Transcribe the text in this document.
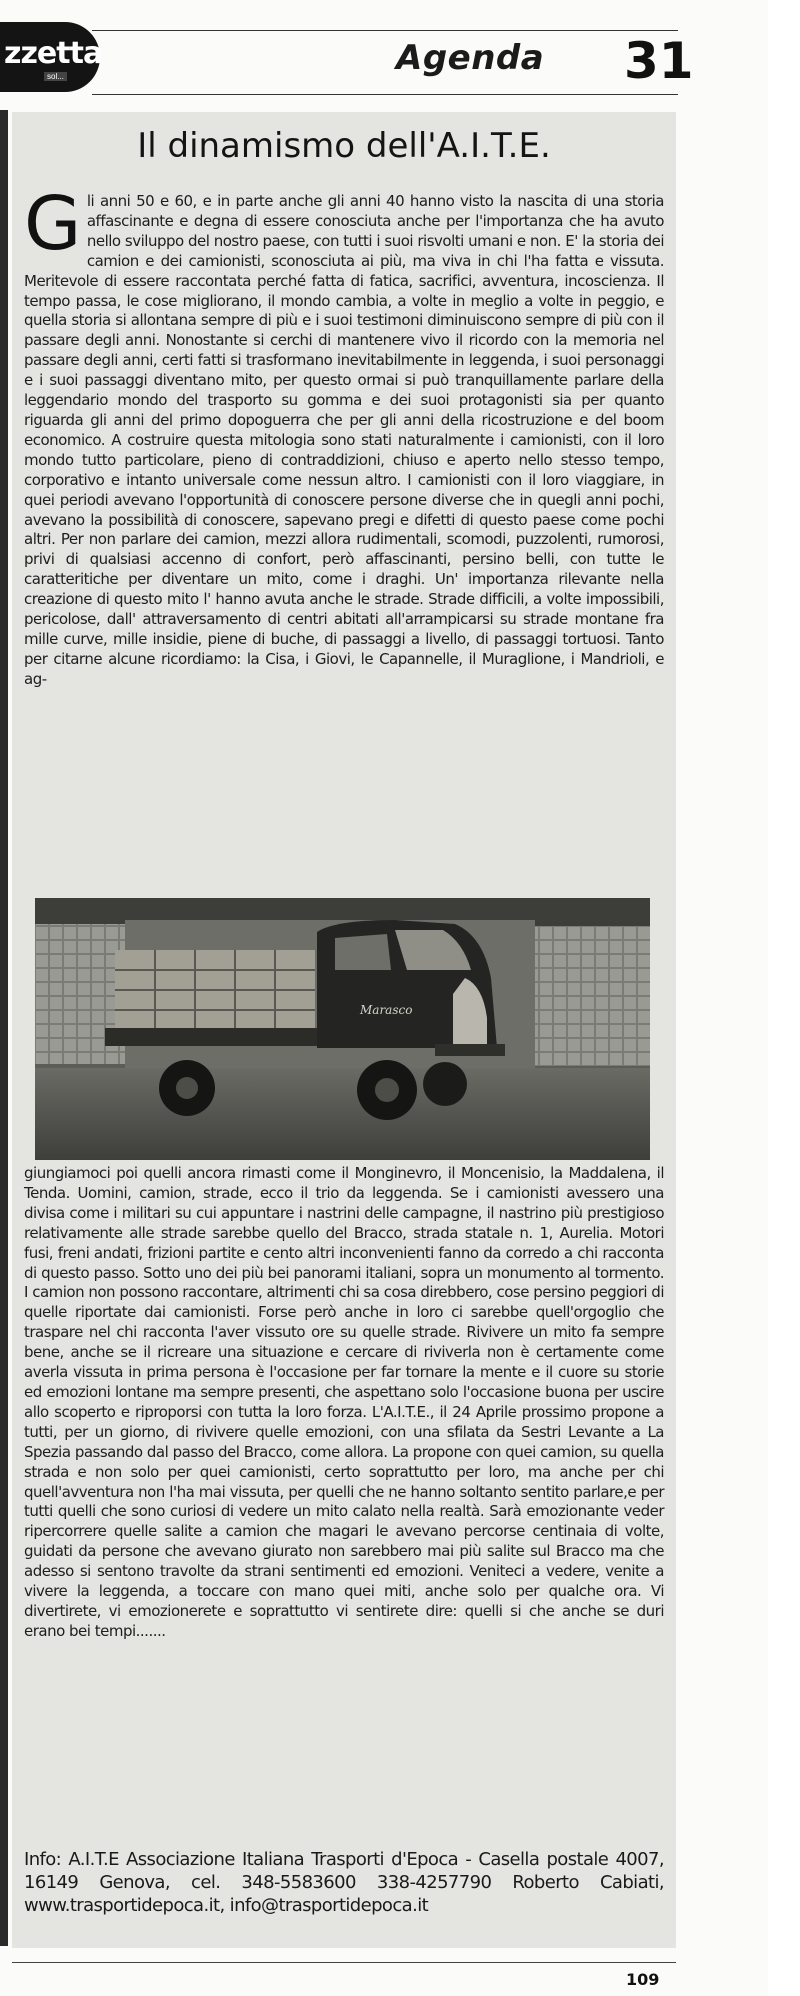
zzetta
sol...	Agenda 31
Il dinamismo dell'A.I.T.E.

Gli anni 50 e 60, e in parte anche gli anni 40 hanno visto la nascita di una storia affascinante e degna di essere conosciuta anche per l'importanza che ha avuto nello sviluppo del nostro paese, con tutti i suoi risvolti umani e non. E' la storia dei camion e dei camionisti, sconosciuta ai più, ma viva in chi l'ha fatta e vissuta. Meritevole di essere raccontata perché fatta di fatica, sacrifici, avventura, incoscienza. Il tempo passa, le cose migliorano, il mondo cambia, a volte in meglio a volte in peggio, e quella storia si allontana sempre di più e i suoi testimoni diminuiscono sempre di più con il passare degli anni. Nonostante si cerchi di mantenere vivo il ricordo con la memoria nel passare degli anni, certi fatti si trasformano inevitabilmente in leggenda, i suoi personaggi e i suoi passaggi diventano mito, per questo ormai si può tranquillamente parlare della leggendario mondo del trasporto su gomma e dei suoi protagonisti sia per quanto riguarda gli anni del primo dopoguerra che per gli anni della ricostruzione e del boom economico. A costruire questa mitologia sono stati naturalmente i camionisti, con il loro mondo tutto particolare, pieno di contraddizioni, chiuso e aperto nello stesso tempo, corporativo e intanto universale come nessun altro. I camionisti con il loro viaggiare, in quei periodi avevano l'opportunità di conoscere persone diverse che in quegli anni pochi, avevano la possibilità di conoscere, sapevano pregi e difetti di questo paese come pochi altri. Per non parlare dei camion, mezzi allora rudimentali, scomodi, puzzolenti, rumorosi, privi di qualsiasi accenno di confort, però affascinanti, persino belli, con tutte le caratteritiche per diventare un mito, come i draghi. Un' importanza rilevante nella creazione di questo mito l' hanno avuta anche le strade. Strade difficili, a volte impossibili, pericolose, dall' attraversamento di centri abitati all'arrampicarsi su strade montane fra mille curve, mille insidie, piene di buche, di passaggi a livello, di passaggi tortuosi. Tanto per citarne alcune ricordiamo: la Cisa, i Giovi, le Capannelle, il Muraglione, i Mandrioli, e ag-

Marasco

giungiamoci poi quelli ancora rimasti come il Monginevro, il Moncenisio, la Maddalena, il Tenda. Uomini, camion, strade, ecco il trio da leggenda. Se i camionisti avessero una divisa come i militari su cui appuntare i nastrini delle campagne, il nastrino più prestigioso relativamente alle strade sarebbe quello del Bracco, strada statale n. 1, Aurelia. Motori fusi, freni andati, frizioni partite e cento altri inconvenienti fanno da corredo a chi racconta di questo passo. Sotto uno dei più bei panorami italiani, sopra un monumento al tormento. I camion non possono raccontare, altrimenti chi sa cosa direbbero, cose persino peggiori di quelle riportate dai camionisti. Forse però anche in loro ci sarebbe quell'orgoglio che traspare nel chi racconta l'aver vissuto ore su quelle strade. Rivivere un mito fa sempre bene, anche se il ricreare una situazione e cercare di riviverla non è certamente come averla vissuta in prima persona è l'occasione per far tornare la mente e il cuore su storie ed emozioni lontane ma sempre presenti, che aspettano solo l'occasione buona per uscire allo scoperto e riproporsi con tutta la loro forza. L'A.I.T.E., il 24 Aprile prossimo propone a tutti, per un giorno, di rivivere quelle emozioni, con una sfilata da Sestri Levante a La Spezia passando dal passo del Bracco, come allora. La propone con quei camion, su quella strada e non solo per quei camionisti, certo soprattutto per loro, ma anche per chi quell'avventura non l'ha mai vissuta, per quelli che ne hanno soltanto sentito parlare,e per tutti quelli che sono curiosi di vedere un mito calato nella realtà. Sarà emozionante veder ripercorrere quelle salite a camion che magari le avevano percorse centinaia di volte, guidati da persone che avevano giurato non sarebbero mai più salite sul Bracco ma che adesso si sentono travolte da strani sentimenti ed emozioni. Veniteci a vedere, venite a vivere la leggenda, a toccare con mano quei miti, anche solo per qualche ora. Vi divertirete, vi emozionerete e soprattutto vi sentirete dire: quelli si che anche se duri erano bei tempi.......

Info: A.I.T.E Associazione Italiana Trasporti d'Epoca - Casella postale 4007, 16149 Genova, cel. 348-5583600 338-4257790 Roberto Cabiati, www.trasportidepoca.it, info@trasportidepoca.it

109
